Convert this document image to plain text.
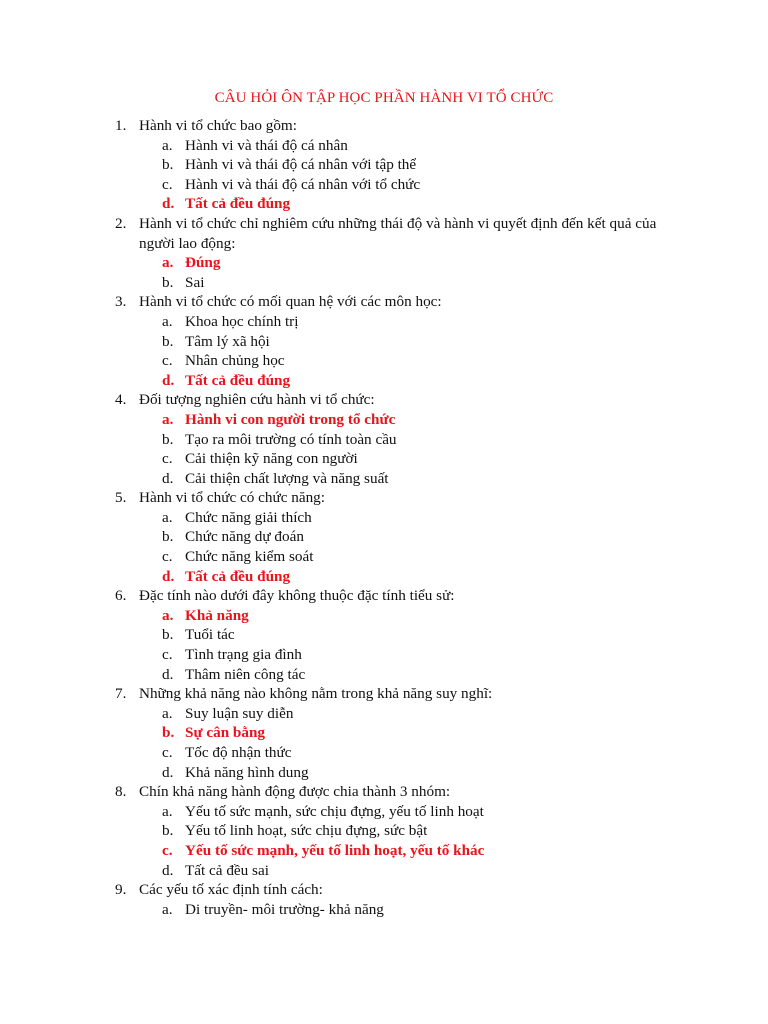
CÂU HỎI ÔN TẬP HỌC PHẦN HÀNH VI TỔ CHỨC
1. Hành vi tổ chức bao gồm:
a. Hành vi và thái độ cá nhân
b. Hành vi và thái độ cá nhân với tập thể
c. Hành vi và thái độ cá nhân với tổ chức
d. Tất cả đều đúng
2. Hành vi tổ chức chỉ nghiêm cứu những thái độ và hành vi quyết định đến kết quả của người lao động:
a. Đúng
b. Sai
3. Hành vi tổ chức có mối quan hệ với các môn học:
a. Khoa học chính trị
b. Tâm lý xã hội
c. Nhân chủng học
d. Tất cả đều đúng
4. Đối tượng nghiên cứu hành vi tổ chức:
a. Hành vi con người trong tổ chức
b. Tạo ra môi trường có tính toàn cầu
c. Cải thiện kỹ năng con người
d. Cải thiện chất lượng và năng suất
5. Hành vi tổ chức có chức năng:
a. Chức năng giải thích
b. Chức năng dự đoán
c. Chức năng kiểm soát
d. Tất cả đều đúng
6. Đặc tính nào dưới đây không thuộc đặc tính tiểu sử:
a. Khả năng
b. Tuổi tác
c. Tình trạng gia đình
d. Thâm niên công tác
7. Những khả năng nào không nằm trong khả năng suy nghĩ:
a. Suy luận suy diễn
b. Sự cân bằng
c. Tốc độ nhận thức
d. Khả năng hình dung
8. Chín khả năng hành động được chia thành 3 nhóm:
a. Yếu tố sức mạnh, sức chịu đựng, yếu tố linh hoạt
b. Yếu tố linh hoạt, sức chịu đựng, sức bật
c. Yếu tố sức mạnh, yếu tố linh hoạt, yếu tố khác
d. Tất cả đều sai
9. Các yếu tố xác định tính cách:
a. Di truyền- môi trường- khả năng
